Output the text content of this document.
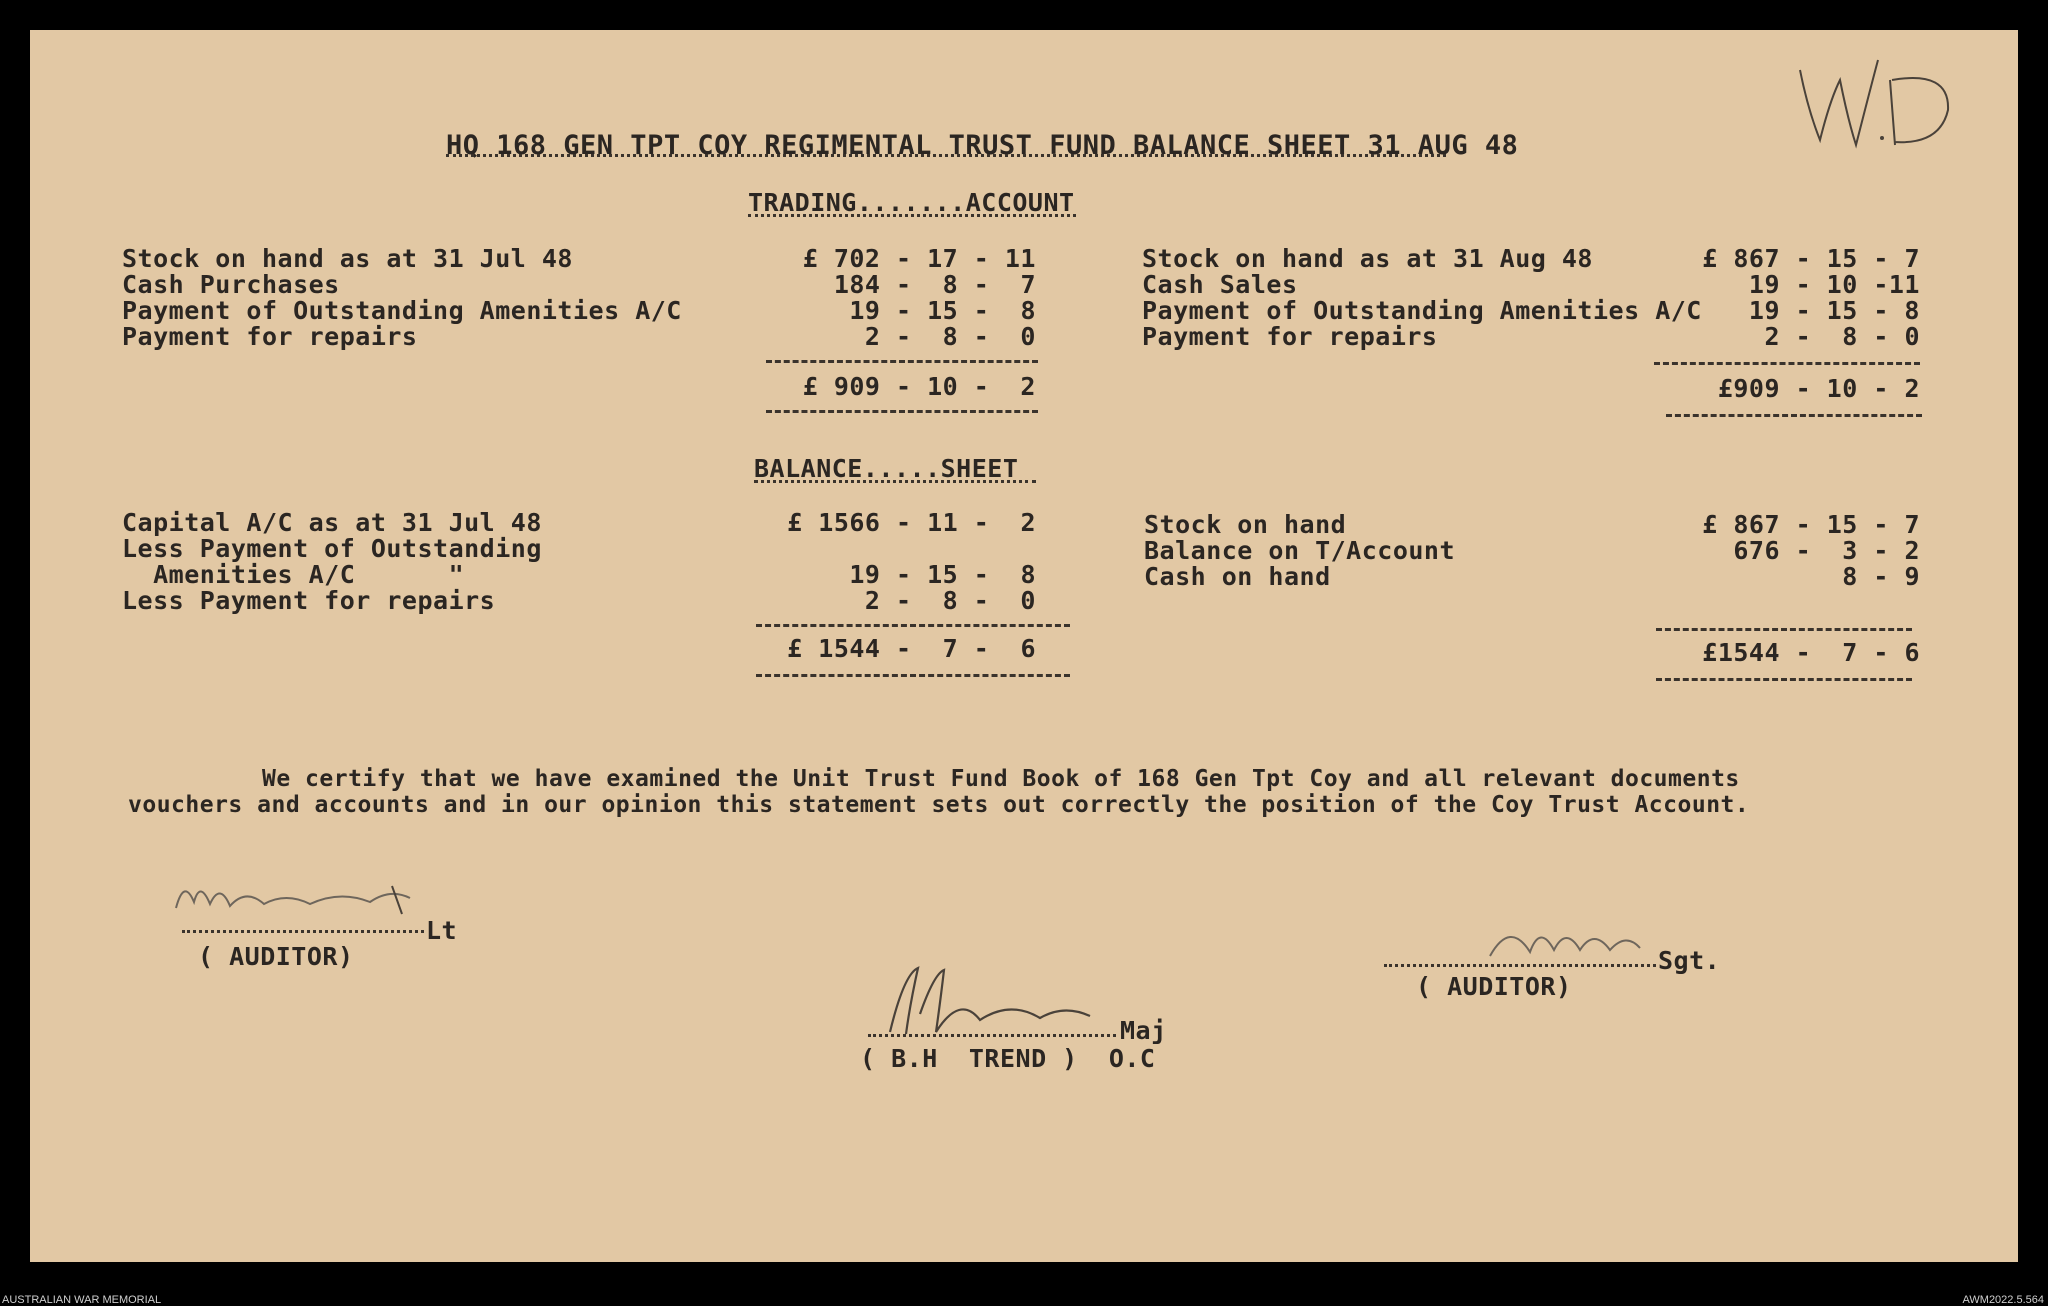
HQ 168 GEN TPT COY REGIMENTAL TRUST FUND BALANCE SHEET 31 AUG 48
TRADING.......ACCOUNT
Stock on hand as at 31 Jul 48
Cash Purchases
Payment of Outstanding Amenities A/C
Payment for repairs
£ 702 - 17 - 11
184 -  8 -  7
19 - 15 -  8
2 -  8 -  0
£ 909 - 10 -  2
Stock on hand as at 31 Aug 48
Cash Sales
Payment of Outstanding Amenities A/C
Payment for repairs
£ 867 - 15 - 7
19 - 10 -11
19 - 15 - 8
2 -  8 - 0
£909 - 10 - 2
BALANCE.....SHEET
Capital A/C as at 31 Jul 48
Less Payment of Outstanding
Amenities A/C      "
Less Payment for repairs
£ 1566 - 11 -  2
19 - 15 -  8
2 -  8 -  0
£ 1544 -  7 -  6
Stock on hand
Balance on T/Account
Cash on hand
£ 867 - 15 - 7
676 -  3 - 2
8 - 9
£1544 -  7 - 6
We certify that we have examined the Unit Trust Fund Book of 168 Gen Tpt Coy and all relevant documents
vouchers and accounts and in our opinion this statement sets out correctly the position of the Coy Trust Account.
Lt
( AUDITOR)	Sgt.
( AUDITOR)
Maj
( B.H  TREND )  O.C
AUSTRALIAN WAR MEMORIAL	AWM2022.5.564
